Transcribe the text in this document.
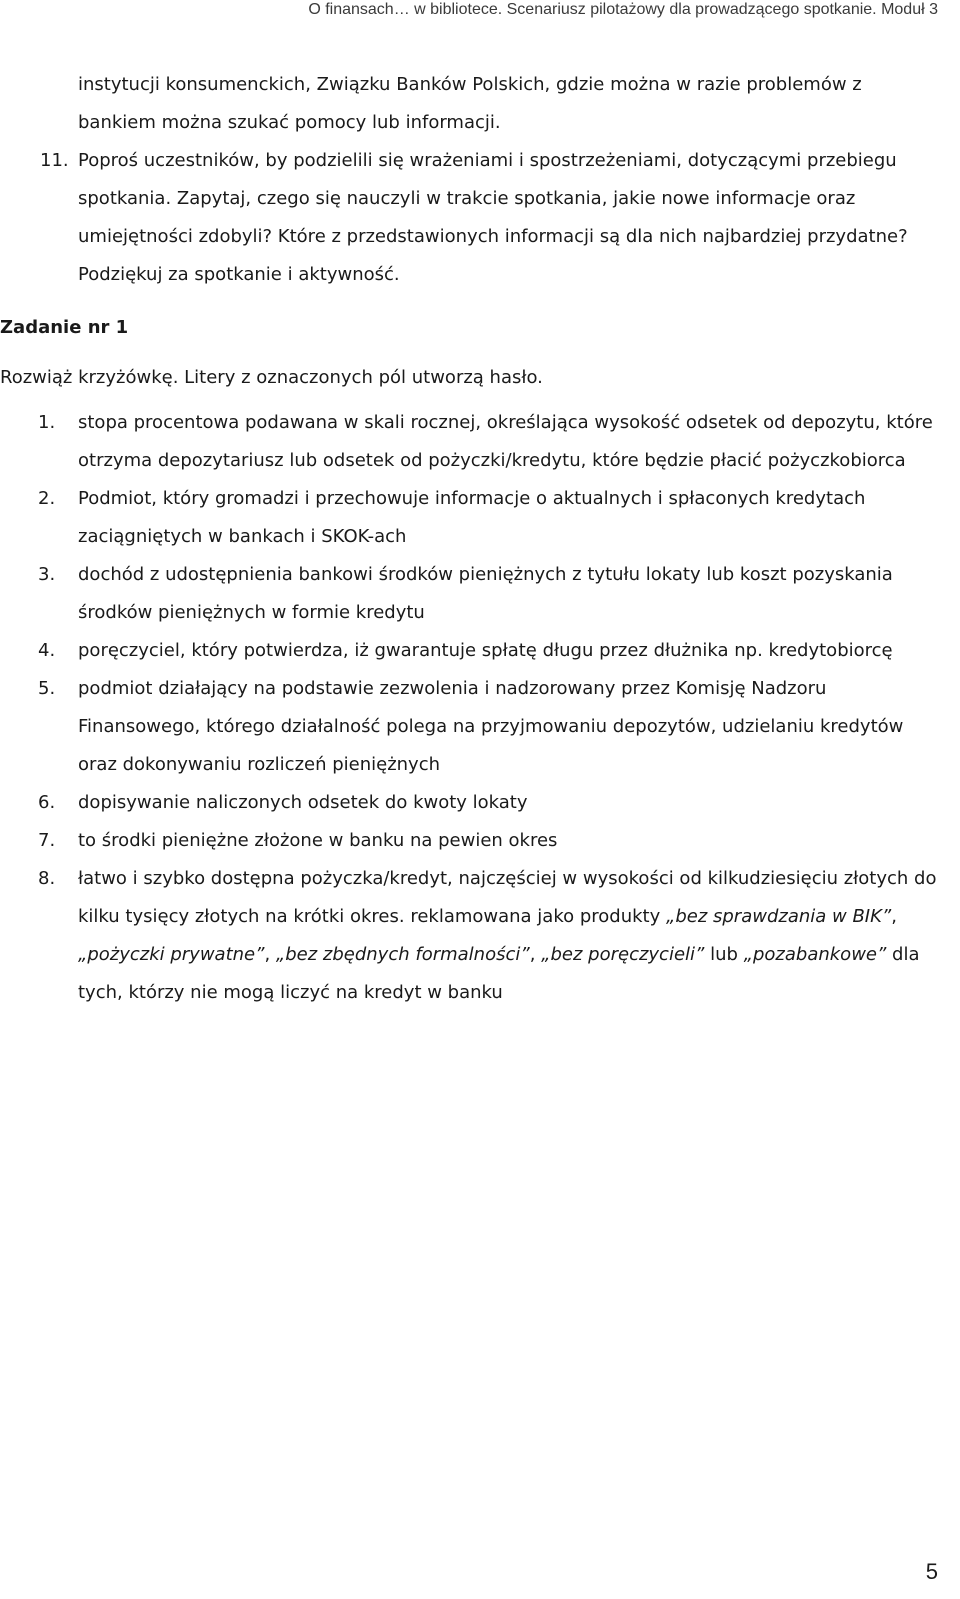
O finansach… w bibliotece. Scenariusz pilotażowy dla prowadzącego spotkanie. Moduł 3
instytucji konsumenckich, Związku Banków Polskich, gdzie można w razie problemów z bankiem można szukać pomocy lub informacji.
11. Poproś uczestników, by podzielili się wrażeniami i spostrzeżeniami, dotyczącymi przebiegu spotkania. Zapytaj, czego się nauczyli w trakcie spotkania, jakie nowe informacje oraz umiejętności zdobyli? Które z przedstawionych informacji są dla nich najbardziej przydatne? Podziękuj za spotkanie i aktywność.
Zadanie nr 1
Rozwiąż krzyżówkę. Litery z oznaczonych pól utworzą hasło.
1. stopa procentowa podawana w skali rocznej, określająca wysokość odsetek od depozytu, które otrzyma depozytariusz lub odsetek od pożyczki/kredytu, które będzie płacić pożyczkobiorca
2. Podmiot, który gromadzi i przechowuje informacje o aktualnych i spłaconych kredytach zaciągniętych w bankach i SKOK-ach
3. dochód z udostępnienia bankowi środków pieniężnych z tytułu lokaty lub koszt pozyskania środków pieniężnych w formie kredytu
4. poręczyciel, który potwierdza, iż gwarantuje spłatę długu przez dłużnika np. kredytobiorcę
5. podmiot działający na podstawie zezwolenia i nadzorowany przez Komisję Nadzoru Finansowego, którego działalność polega na przyjmowaniu depozytów, udzielaniu kredytów oraz dokonywaniu rozliczeń pieniężnych
6. dopisywanie naliczonych odsetek do kwoty lokaty
7. to środki pieniężne złożone w banku na pewien okres
8. łatwo i szybko dostępna pożyczka/kredyt, najczęściej w wysokości od kilkudziesięciu złotych do kilku tysięcy złotych na krótki okres. reklamowana jako produkty „bez sprawdzania w BIK”, „pożyczki prywatne”, „bez zbędnych formalności”, „bez poręczycieli” lub „pozabankowe” dla tych, którzy nie mogą liczyć na kredyt w banku
5
